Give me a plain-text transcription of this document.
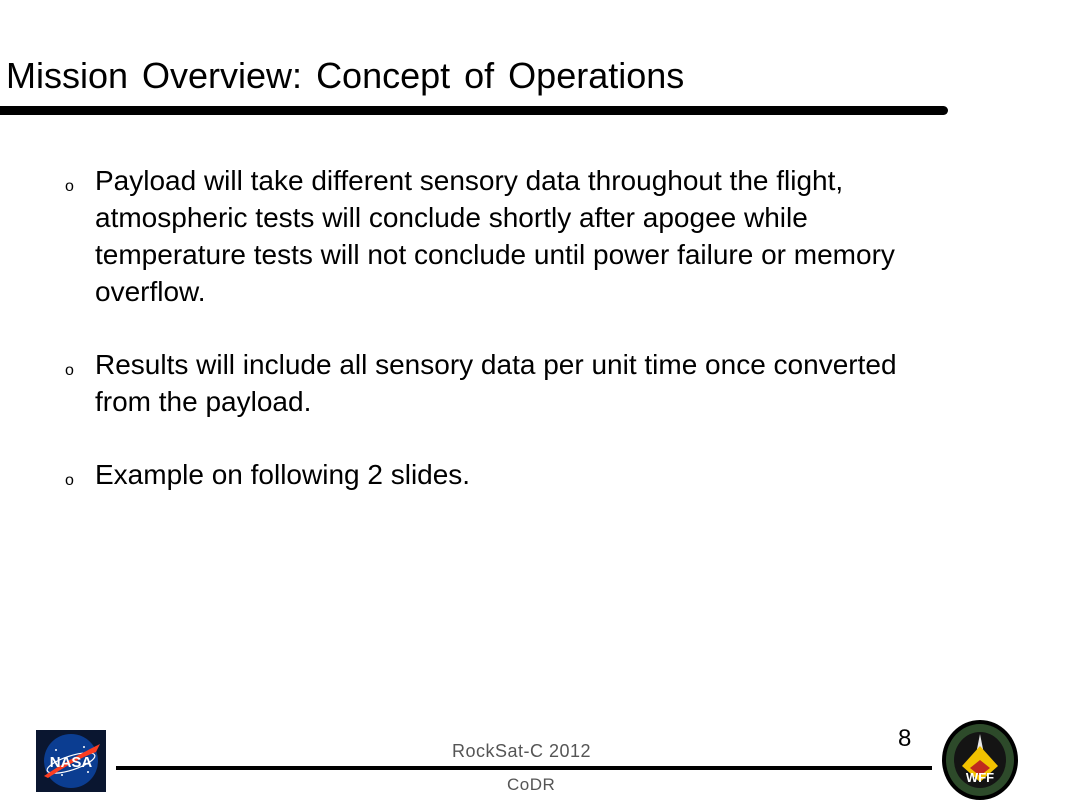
Mission Overview: Concept of Operations
o Payload will take different sensory data throughout the flight, atmospheric tests will conclude shortly after apogee while temperature tests will not conclude until power failure or memory overflow.
o Results will include all sensory data per unit time once converted from the payload.
o Example on following 2 slides.
8
NASA
RockSat-C 2012
CoDR	WFF
